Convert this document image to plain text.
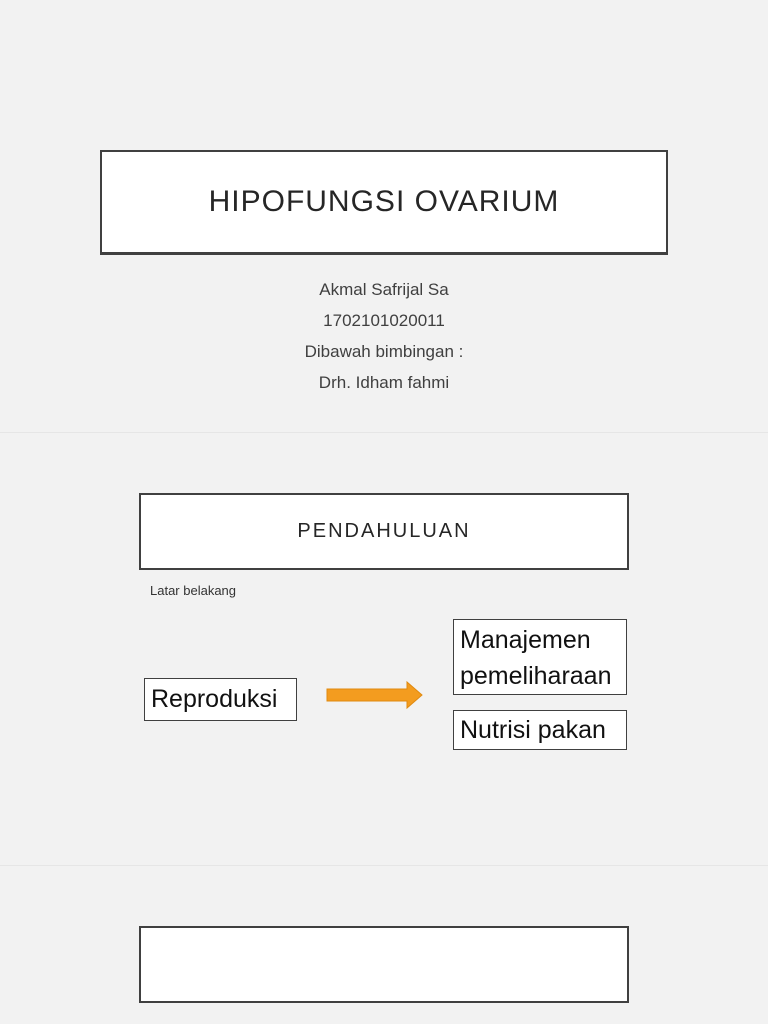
HIPOFUNGSI OVARIUM
Akmal Safrijal Sa
1702101020011
Dibawah bimbingan :
Drh. Idham fahmi
PENDAHULUAN
Latar belakang
Reproduksi
Manajemen pemeliharaan
Nutrisi pakan
